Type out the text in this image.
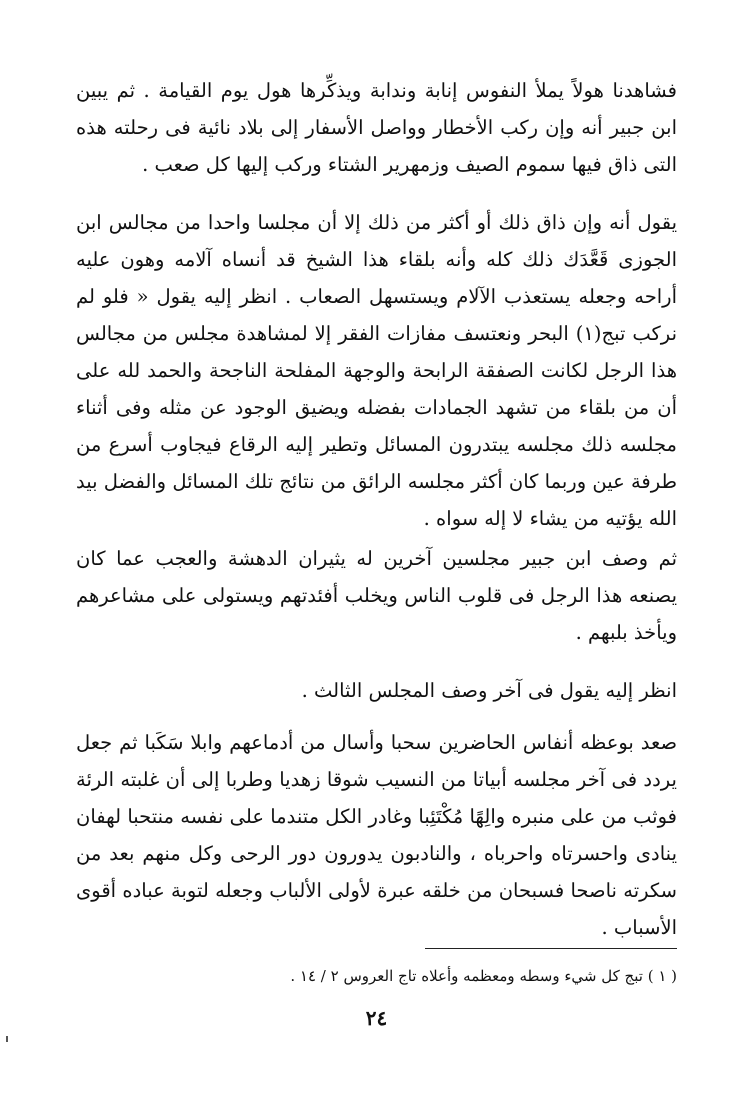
فشاهدنا هولاً يملأ النفوس إنابة وندابة ويذكِّرها هول يوم القيامة . ثم يبين ابن جبير أنه وإن ركب الأخطار وواصل الأسفار إلى بلاد نائية فى رحلته هذه التى ذاق فيها سموم الصيف وزمهرير الشتاء وركب إليها كل صعب .

يقول أنه وإن ذاق ذلك أو أكثر من ذلك إلا أن مجلسا واحدا من مجالس ابن الجوزى قَعَّدَك ذلك كله وأنه بلقاء هذا الشيخ قد أنساه آلامه وهون عليه أراحه وجعله يستعذب الآلام ويستسهل الصعاب . انظر إليه يقول « فلو لم نركب تبج(١) البحر ونعتسف مفازات الفقر إلا لمشاهدة مجلس من مجالس هذا الرجل لكانت الصفقة الرابحة والوجهة المفلحة الناجحة والحمد لله على أن من بلقاء من تشهد الجمادات بفضله ويضيق الوجود عن مثله وفى أثناء مجلسه ذلك مجلسه يبتدرون المسائل وتطير إليه الرقاع فيجاوب أسرع من طرفة عين وربما كان أكثر مجلسه الرائق من نتائج تلك المسائل والفضل بيد الله يؤتيه من يشاء لا إله سواه .

ثم وصف ابن جبير مجلسين آخرين له يثيران الدهشة والعجب عما كان يصنعه هذا الرجل فى قلوب الناس ويخلب أفئدتهم ويستولى على مشاعرهم ويأخذ بلبهم .

انظر إليه يقول فى آخر وصف المجلس الثالث .

صعد بوعظه أنفاس الحاضرين سحبا وأسال من أدماعهم وابلا سَكَبا ثم جعل يردد فى آخر مجلسه أبياتا من النسيب شوقا زهديا وطربا إلى أن غلبته الرئة فوثب من على منبره والِهًا مُكْتَئِبا وغادر الكل متندما على نفسه منتحبا لهفان ينادى واحسرتاه واحرباه ، والنادبون يدورون دور الرحى وكل منهم بعد من سكرته ناصحا فسبحان من خلقه عبرة لأولى الألباب وجعله لتوبة عباده أقوى الأسباب .

( ١ ) تبج كل شيء وسطه ومعظمه وأعلاه تاج العروس ٢ / ١٤ .
٢٤
